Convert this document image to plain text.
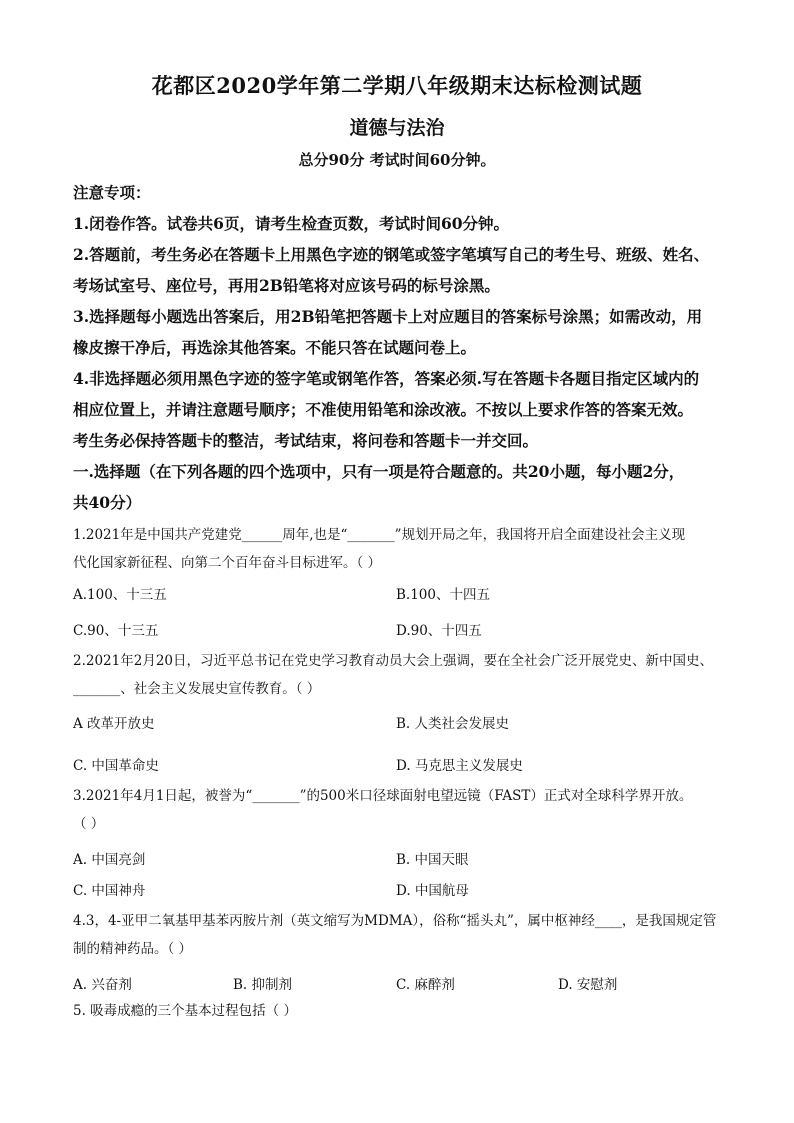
花都区2020学年第二学期八年级期末达标检测试题
道德与法治
总分90分 考试时间60分钟。
注意专项：
1.闭卷作答。试卷共6页，请考生检查页数，考试时间60分钟。
2.答题前，考生务必在答题卡上用黑色字迹的钢笔或签字笔填写自己的考生号、班级、姓名、
考场试室号、座位号，再用2B铅笔将对应该号码的标号涂黑。
3.选择题每小题选出答案后，用2B铅笔把答题卡上对应题目的答案标号涂黑；如需改动，用
橡皮擦干净后，再选涂其他答案。不能只答在试题问卷上。
4.非选择题必须用黑色字迹的签字笔或钢笔作答，答案必须.写在答题卡各题目指定区域内的
相应位置上，并请注意题号顺序；不准使用铅笔和涂改液。不按以上要求作答的答案无效。
考生务必保持答题卡的整洁，考试结束，将问卷和答题卡一并交回。
一.选择题（在下列各题的四个选项中，只有一项是符合题意的。共20小题，每小题2分，
共40分）
1.2021年是中国共产党建党______周年,也是“_______”规划开局之年，我国将开启全面建设社会主义现
代化国家新征程、向第二个百年奋斗目标进军。（ ）
A.100、十三五	B.100、十四五
C.90、十三五	D.90、十四五
2.2021年2月20日，习近平总书记在党史学习教育动员大会上强调，要在全社会广泛开展党史、新中国史、
_______、社会主义发展史宣传教育。（ ）
A 改革开放史	B. 人类社会发展史
C. 中国革命史	D. 马克思主义发展史
3.2021年4月1日起，被誉为“_______”的500米口径球面射电望远镜（FAST）正式对全球科学界开放。
（ ）
A. 中国亮剑	B. 中国天眼
C. 中国神舟	D. 中国航母
4.3，4-亚甲二氧基甲基苯丙胺片剂（英文缩写为MDMA），俗称“摇头丸”，属中枢神经____，是我国规定管
制的精神药品。（ ）
A. 兴奋剂	B. 抑制剂	C. 麻醉剂	D. 安慰剂
5. 吸毒成瘾的三个基本过程包括（ ）
